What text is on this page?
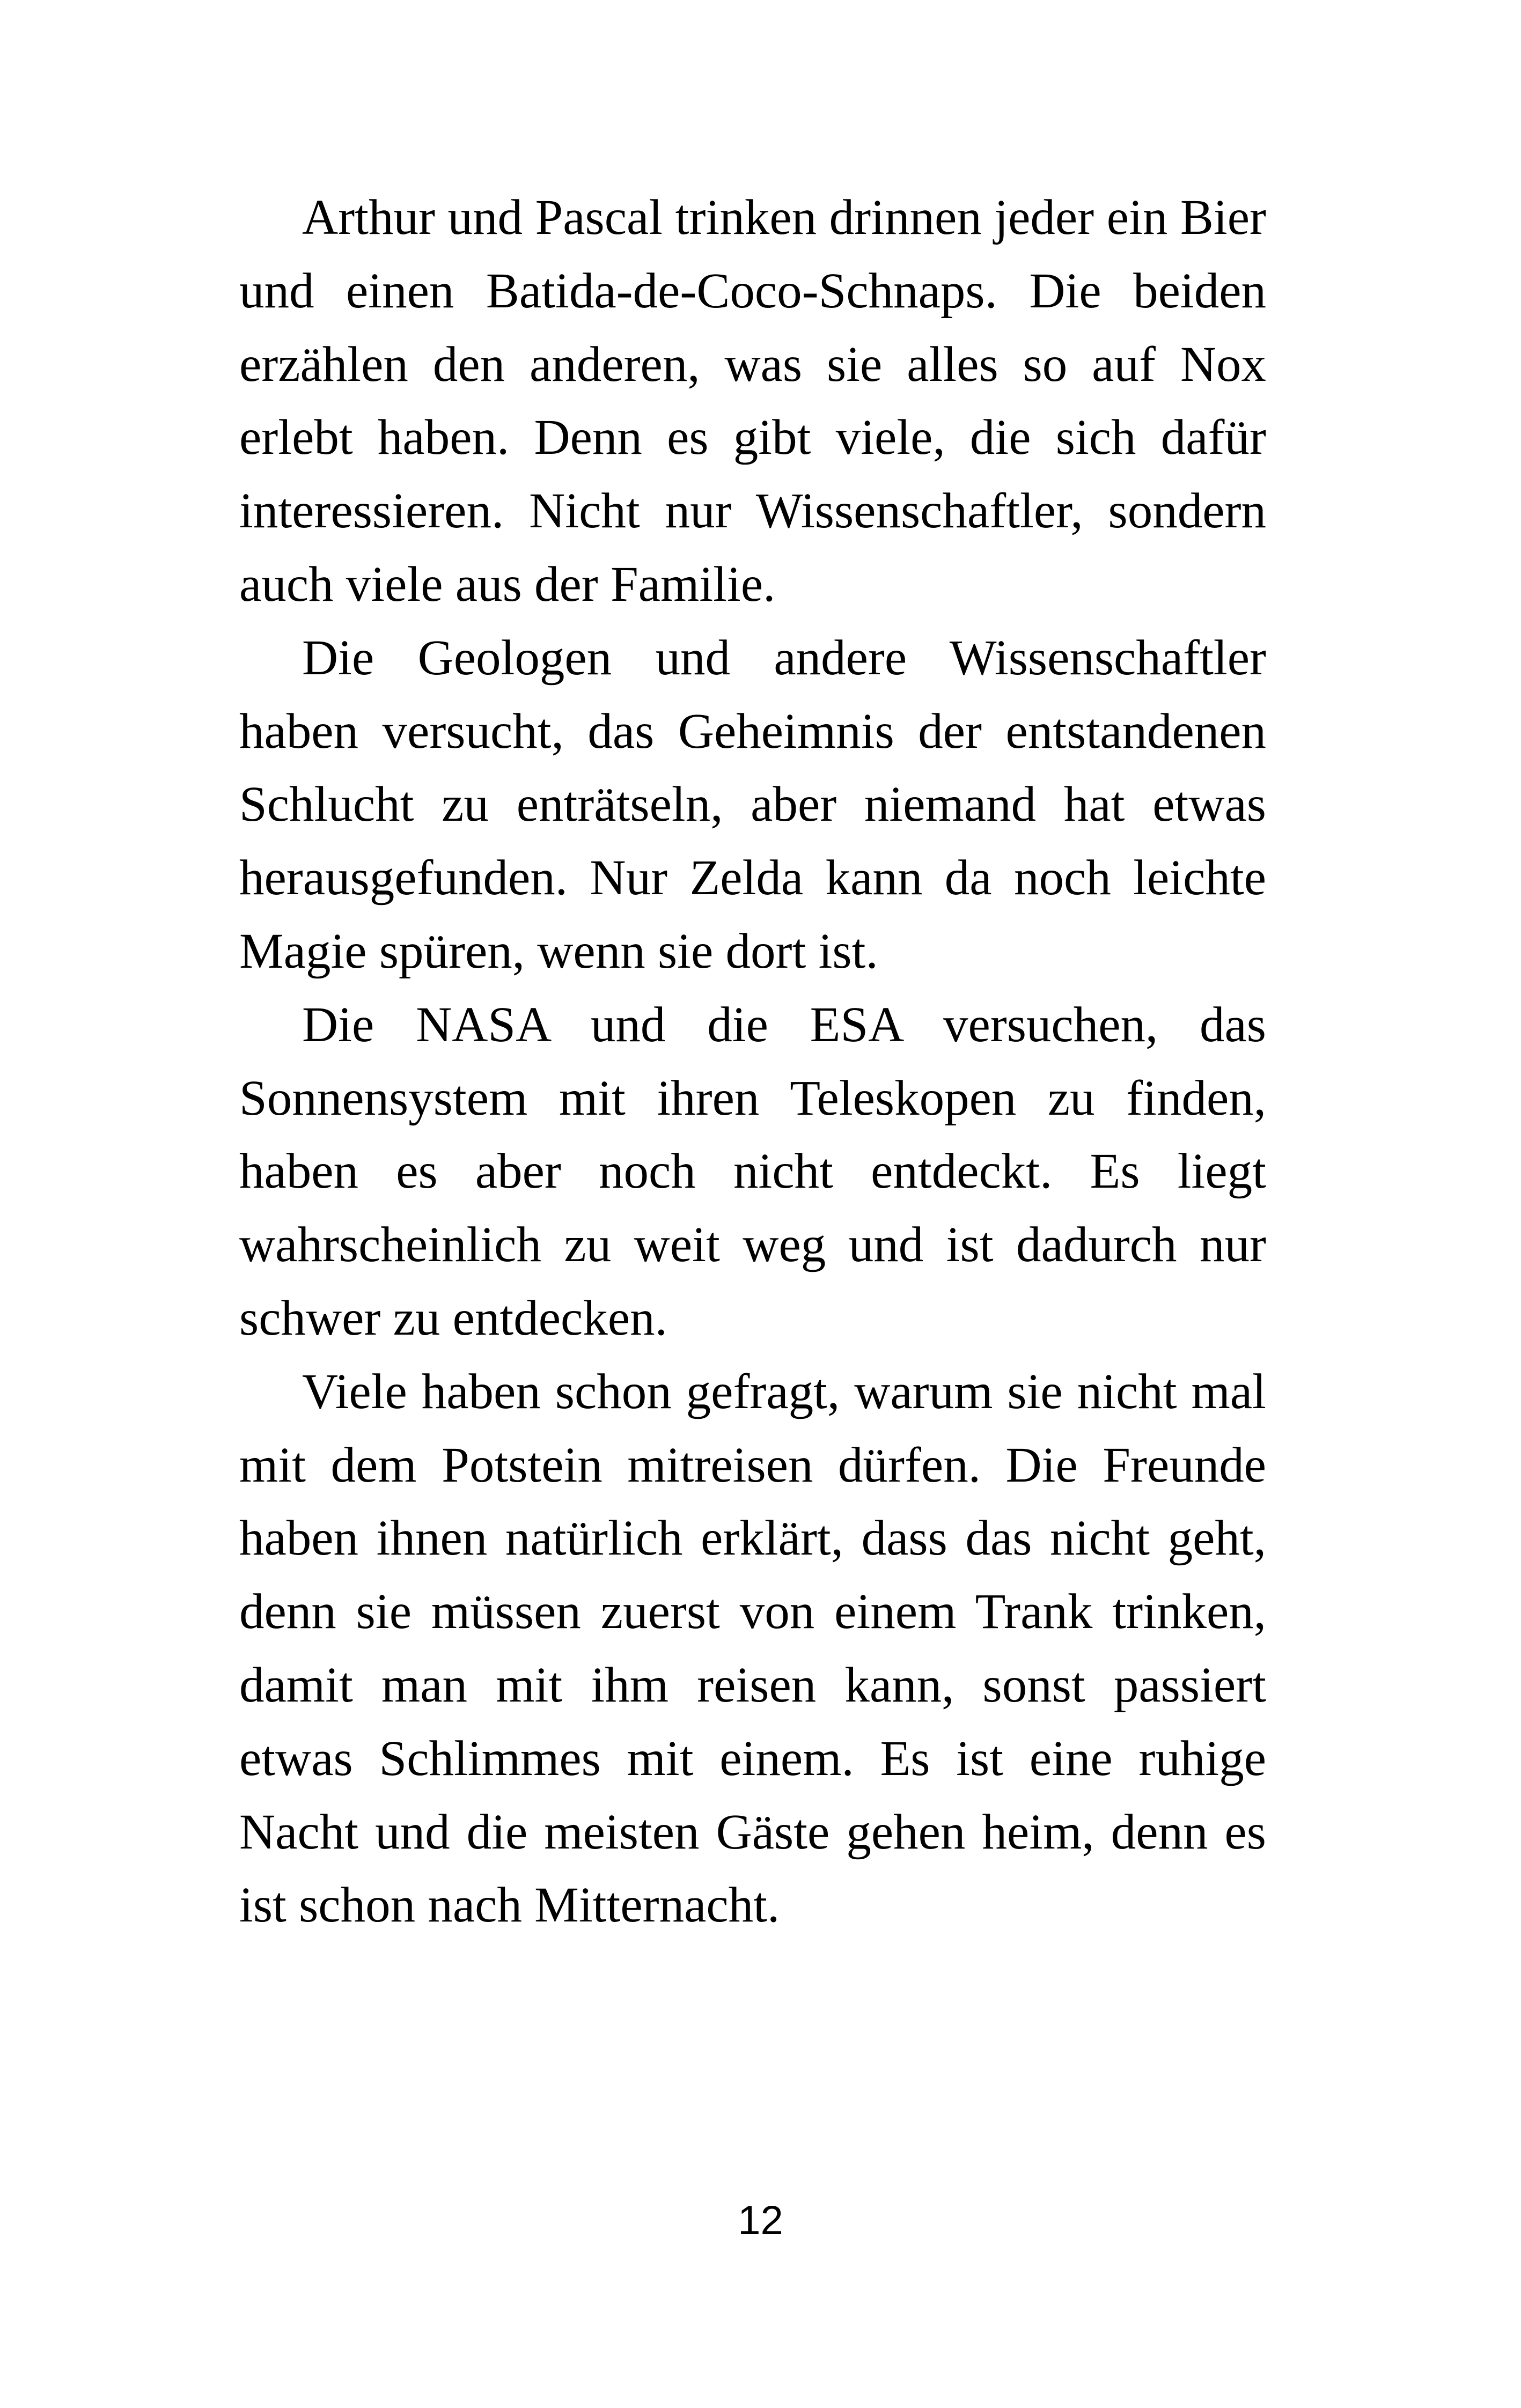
Arthur und Pascal trinken drinnen jeder ein Bier und einen Batida-de-Coco-Schnaps. Die beiden erzählen den anderen, was sie alles so auf Nox erlebt haben. Denn es gibt viele, die sich dafür interessieren. Nicht nur Wissenschaftler, sondern auch viele aus der Familie.

Die Geologen und andere Wissenschaftler haben versucht, das Geheimnis der entstandenen Schlucht zu enträtseln, aber niemand hat etwas herausgefunden. Nur Zelda kann da noch leichte Magie spüren, wenn sie dort ist.

Die NASA und die ESA versuchen, das Sonnensystem mit ihren Teleskopen zu finden, haben es aber noch nicht entdeckt. Es liegt wahrscheinlich zu weit weg und ist dadurch nur schwer zu entdecken.

Viele haben schon gefragt, warum sie nicht mal mit dem Potstein mitreisen dürfen. Die Freunde haben ihnen natürlich erklärt, dass das nicht geht, denn sie müssen zuerst von einem Trank trinken, damit man mit ihm reisen kann, sonst passiert etwas Schlimmes mit einem. Es ist eine ruhige Nacht und die meisten Gäste gehen heim, denn es ist schon nach Mitternacht.

12
